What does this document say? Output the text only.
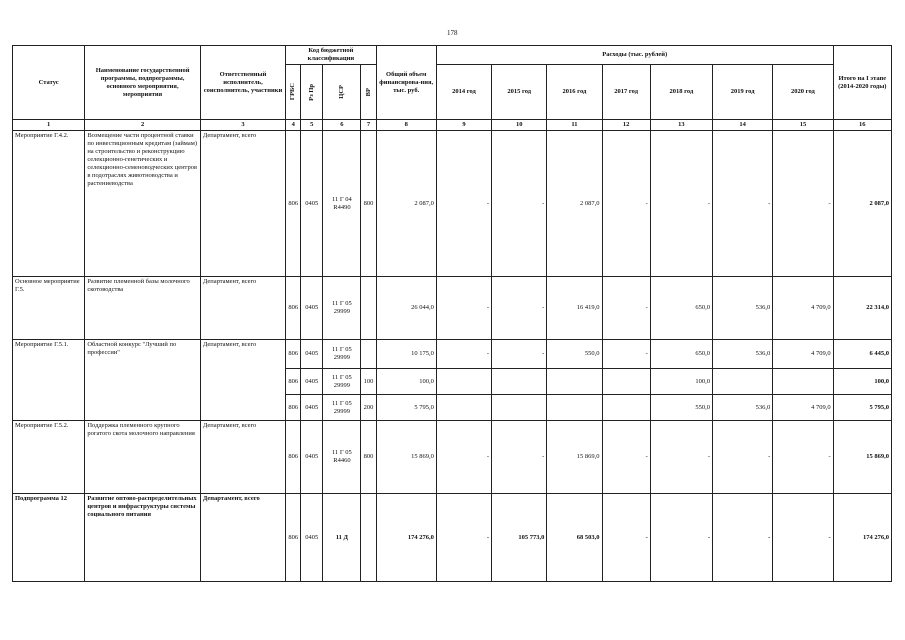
178
Статус	Наименование государственной программы, подпрограммы, основного мероприятия, мероприятия	Ответственный исполнитель, соисполнитель, участники	Код бюджетной классификации				Общий объем финансирова-ния, тыс. руб.	Расходы (тыс. рублей)							Итого на I этапе (2014-2020 годы)

			ГРБС	Рз Пр	ЦСР	ВР		2014 год	2015 год	2016 год	2017 год	2018 год	2019 год	2020 год	
1	2	3	4	5	6	7	8	9	10	11	12	13	14	15	16
Мероприятие Г.4.2.	Возмещение части процентной ставки по инвестиционным кредитам (займам) на строительство и реконструкцию селекционно-генетических и селекционно-семеноводческих центров в подотраслях животноводства и растениеводства	Департамент, всего	806	0405	11 Г 04 R4490	800	2 087,0	-	-	2 087,0	-	-	-	-	2 087,0
Основное мероприятие Г.5.	Развитие племенной базы молочного скотоводства	Департамент, всего	806	0405	11 Г 05 29999		26 044,0	-	-	16 419,0	-	650,0	536,0	4 709,0	22 314,0
Мероприятие Г.5.1.	Областной конкурс "Лучший по профессии"	Департамент, всего	806	0405	11 Г 05 29999		10 175,0	-	-	550,0	-	650,0	536,0	4 709,0	6 445,0
			806	0405	11 Г 05 29999	100	100,0					100,0			100,0
			806	0405	11 Г 05 29999	200	5 795,0					550,0	536,0	4 709,0	5 795,0
Мероприятие Г.5.2.	Поддержка племенного крупного рогатого скота молочного направления	Департамент, всего	806	0405	11 Г 05 R4460	800	15 869,0	-	-	15 869,0	-	-	-	-	15 869,0
Подпрограмма 12	Развитие оптово-распределительных центров и инфраструктуры системы социального питания	Департамент, всего	806	0405	11 Д		174 276,0	-	105 773,0	68 503,0	-	-	-	-	174 276,0
